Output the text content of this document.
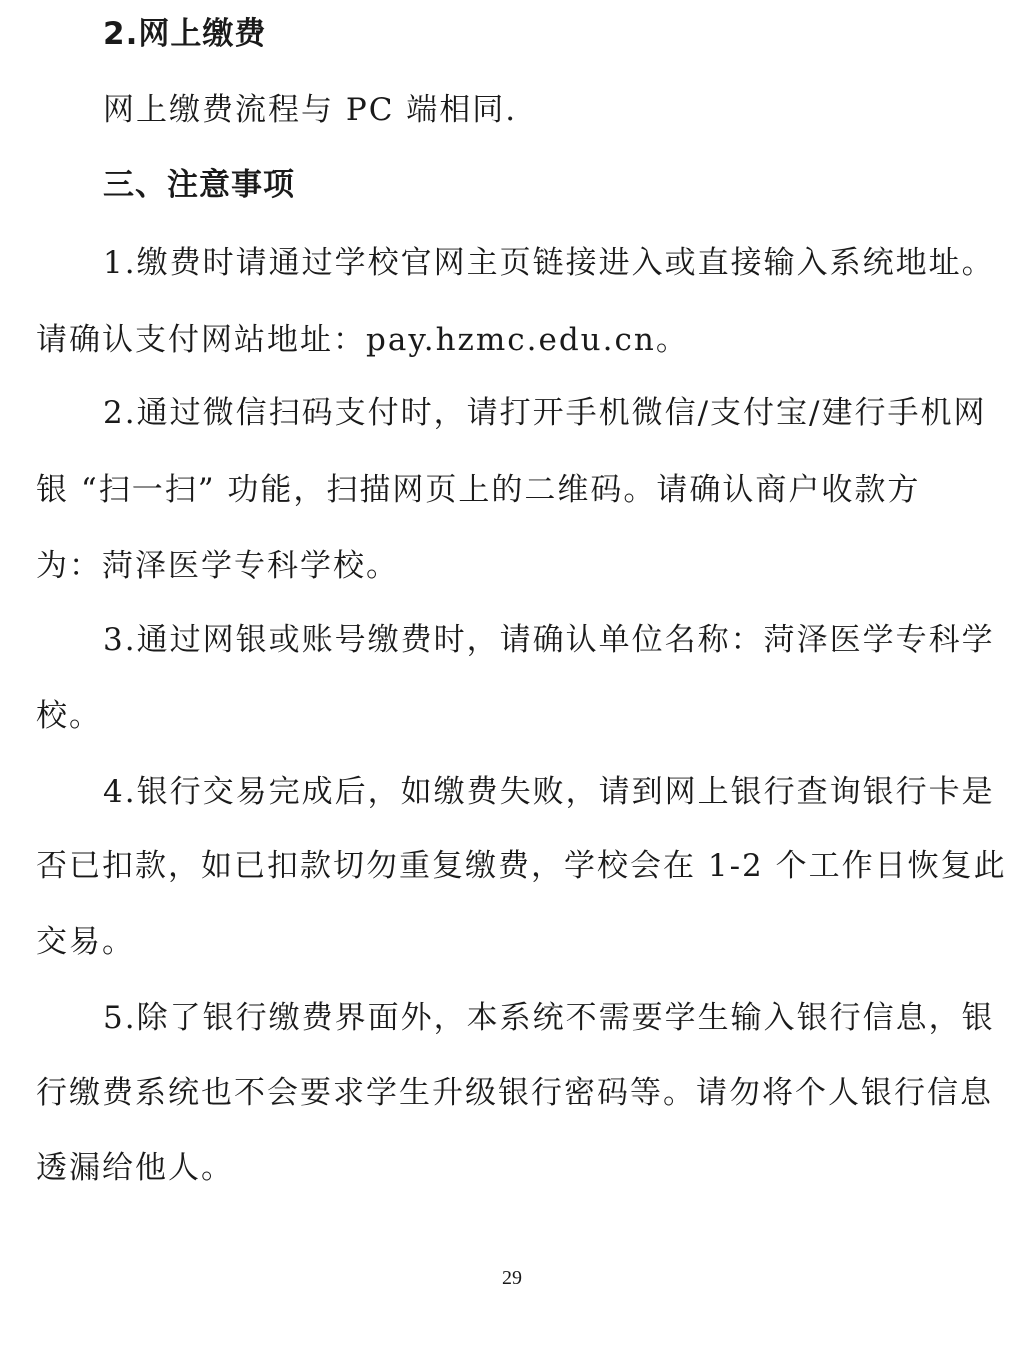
2.网上缴费
网上缴费流程与 PC 端相同.
三、注意事项
1.缴费时请通过学校官网主页链接进入或直接输入系统地址。
请确认支付网站地址：pay.hzmc.edu.cn。
2.通过微信扫码支付时，请打开手机微信/支付宝/建行手机网
银 “扫一扫” 功能，扫描网页上的二维码。请确认商户收款方
为：菏泽医学专科学校。
3.通过网银或账号缴费时，请确认单位名称：菏泽医学专科学
校。
4.银行交易完成后，如缴费失败，请到网上银行查询银行卡是
否已扣款，如已扣款切勿重复缴费，学校会在 1-2 个工作日恢复此
交易。
5.除了银行缴费界面外，本系统不需要学生输入银行信息，银
行缴费系统也不会要求学生升级银行密码等。请勿将个人银行信息
透漏给他人。
29
